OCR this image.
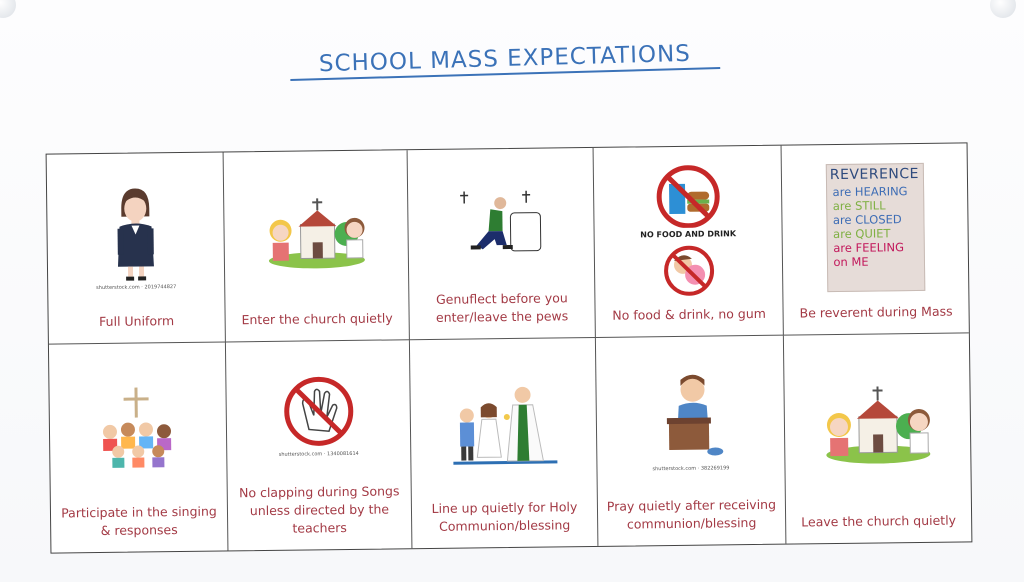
SCHOOL MASS EXPECTATIONS
shutterstock.com · 2019744827
Full Uniform	Enter the church quietly
Genuflect before you enter/leave the pews
NO FOOD AND DRINK
No food & drink, no gum
REVERENCE
are HEARING
are STILL
are CLOSED
are QUIET
are FEELING
on ME
Be reverent during Mass
Participate in the singing & responses
shutterstock.com · 1340081614
No clapping during Songs unless directed by the teachers
Line up quietly for Holy Communion/blessing
shutterstock.com · 382269199
Pray quietly after receiving communion/blessing	Leave the church quietly
